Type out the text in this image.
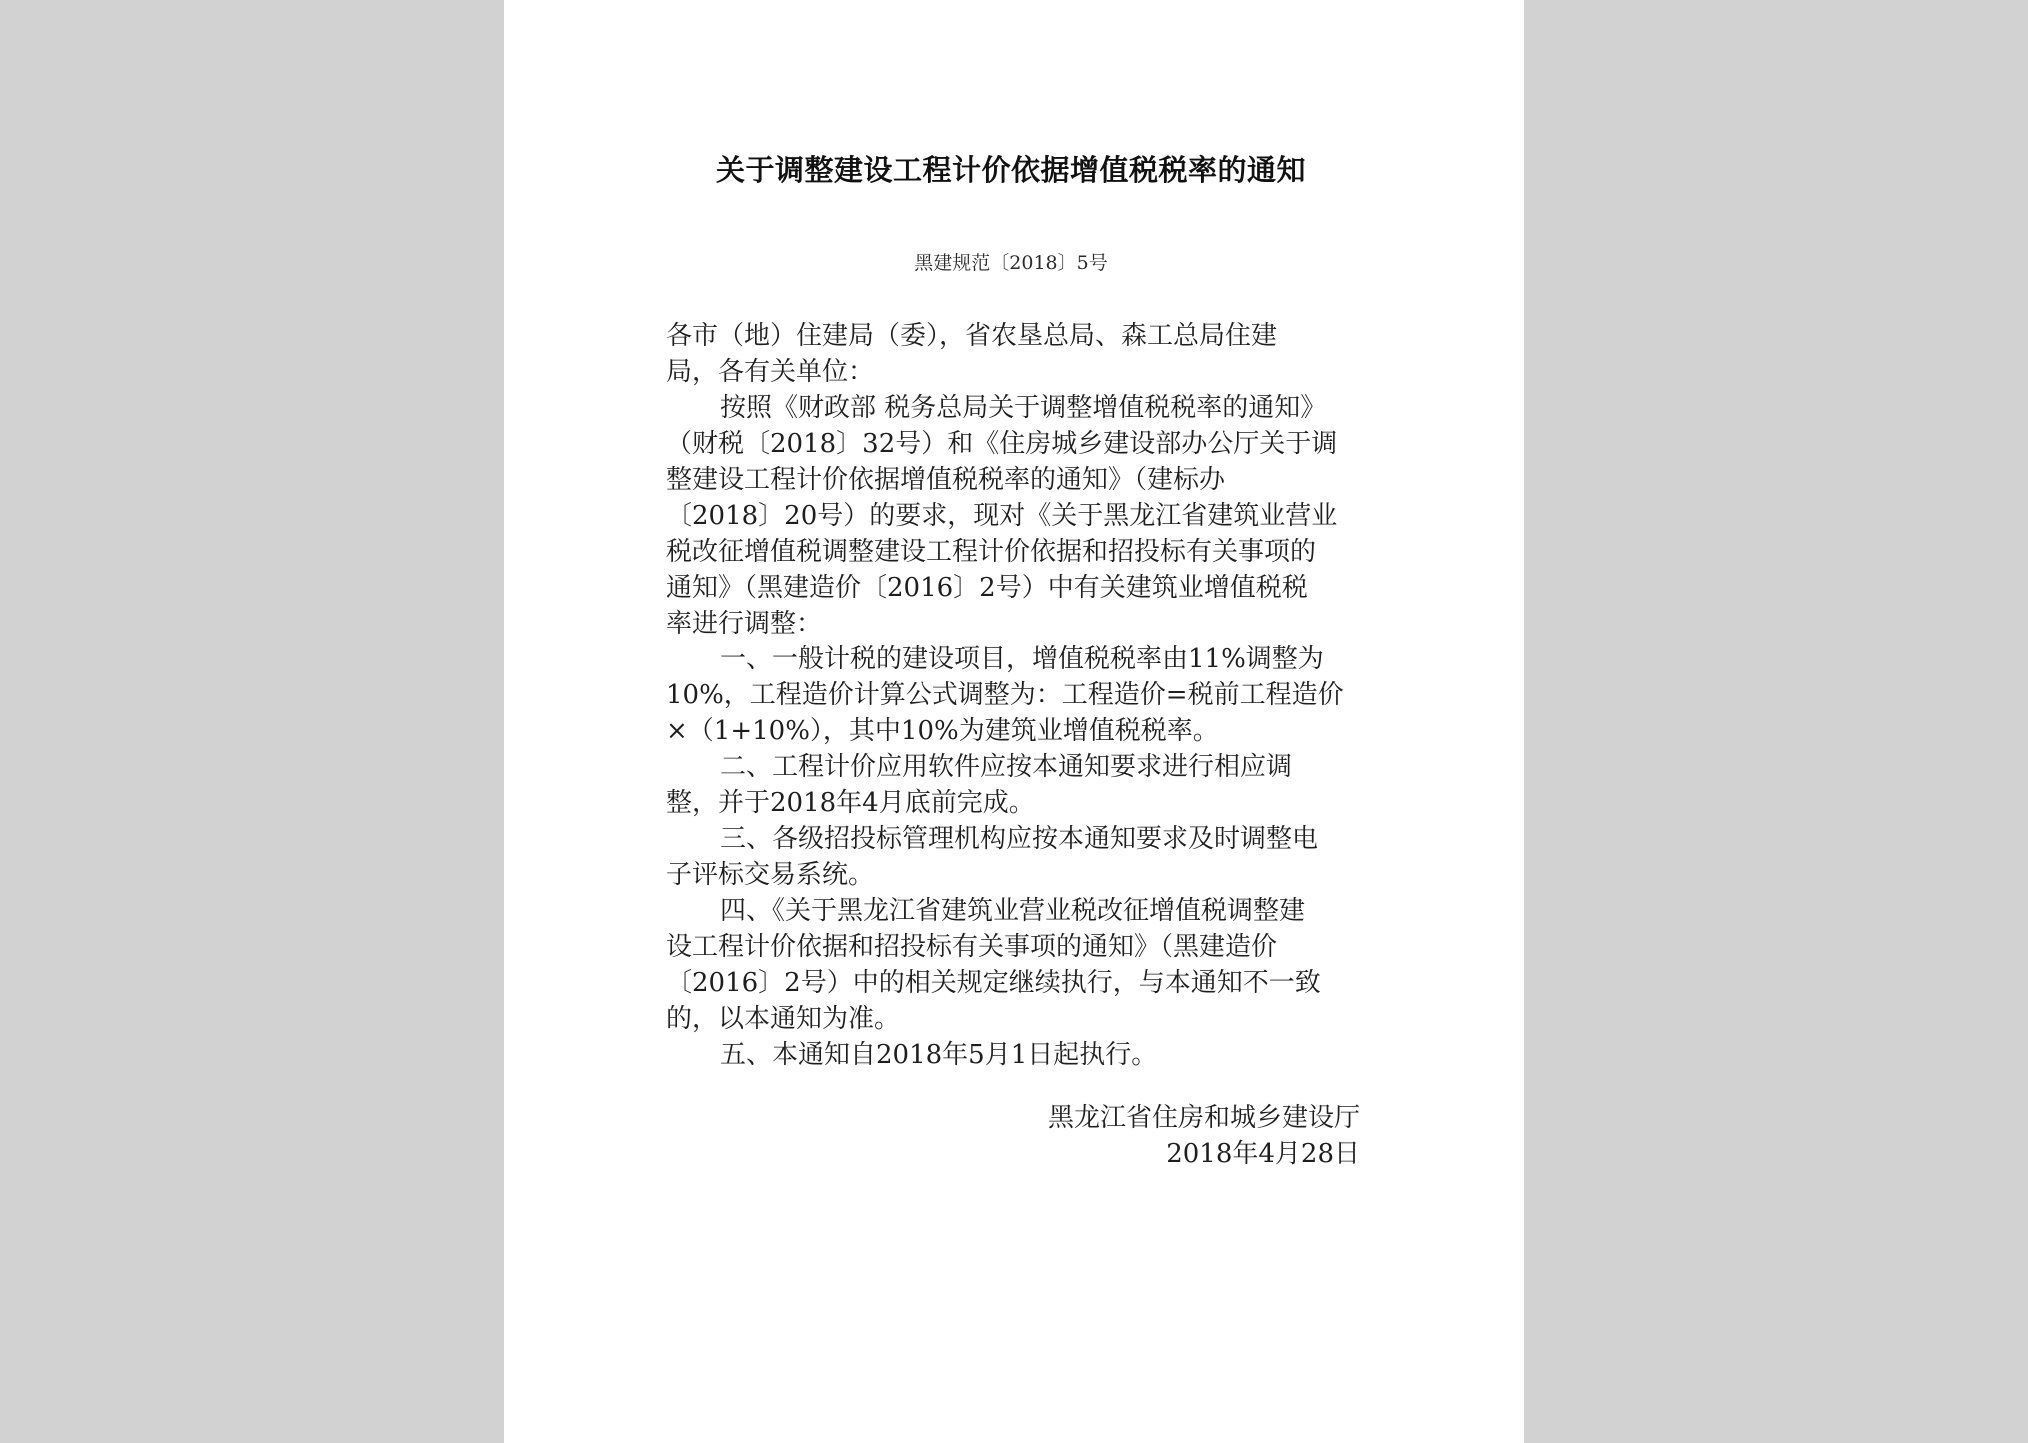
关于调整建设工程计价依据增值税税率的通知
黑建规范〔2018〕5号
各市（地）住建局（委），省农垦总局、森工总局住建
局，各有关单位：
按照《财政部 税务总局关于调整增值税税率的通知》
（财税〔2018〕32号）和《住房城乡建设部办公厅关于调
整建设工程计价依据增值税税率的通知》（建标办
〔2018〕20号）的要求，现对《关于黑龙江省建筑业营业
税改征增值税调整建设工程计价依据和招投标有关事项的
通知》（黑建造价〔2016〕2号）中有关建筑业增值税税
率进行调整：
一、一般计税的建设项目，增值税税率由11%调整为
10%，工程造价计算公式调整为：工程造价=税前工程造价
×（1+10%），其中10%为建筑业增值税税率。
二、工程计价应用软件应按本通知要求进行相应调
整，并于2018年4月底前完成。
三、各级招投标管理机构应按本通知要求及时调整电
子评标交易系统。
四、《关于黑龙江省建筑业营业税改征增值税调整建
设工程计价依据和招投标有关事项的通知》（黑建造价
〔2016〕2号）中的相关规定继续执行，与本通知不一致
的，以本通知为准。
五、本通知自2018年5月1日起执行。
黑龙江省住房和城乡建设厅
2018年4月28日
